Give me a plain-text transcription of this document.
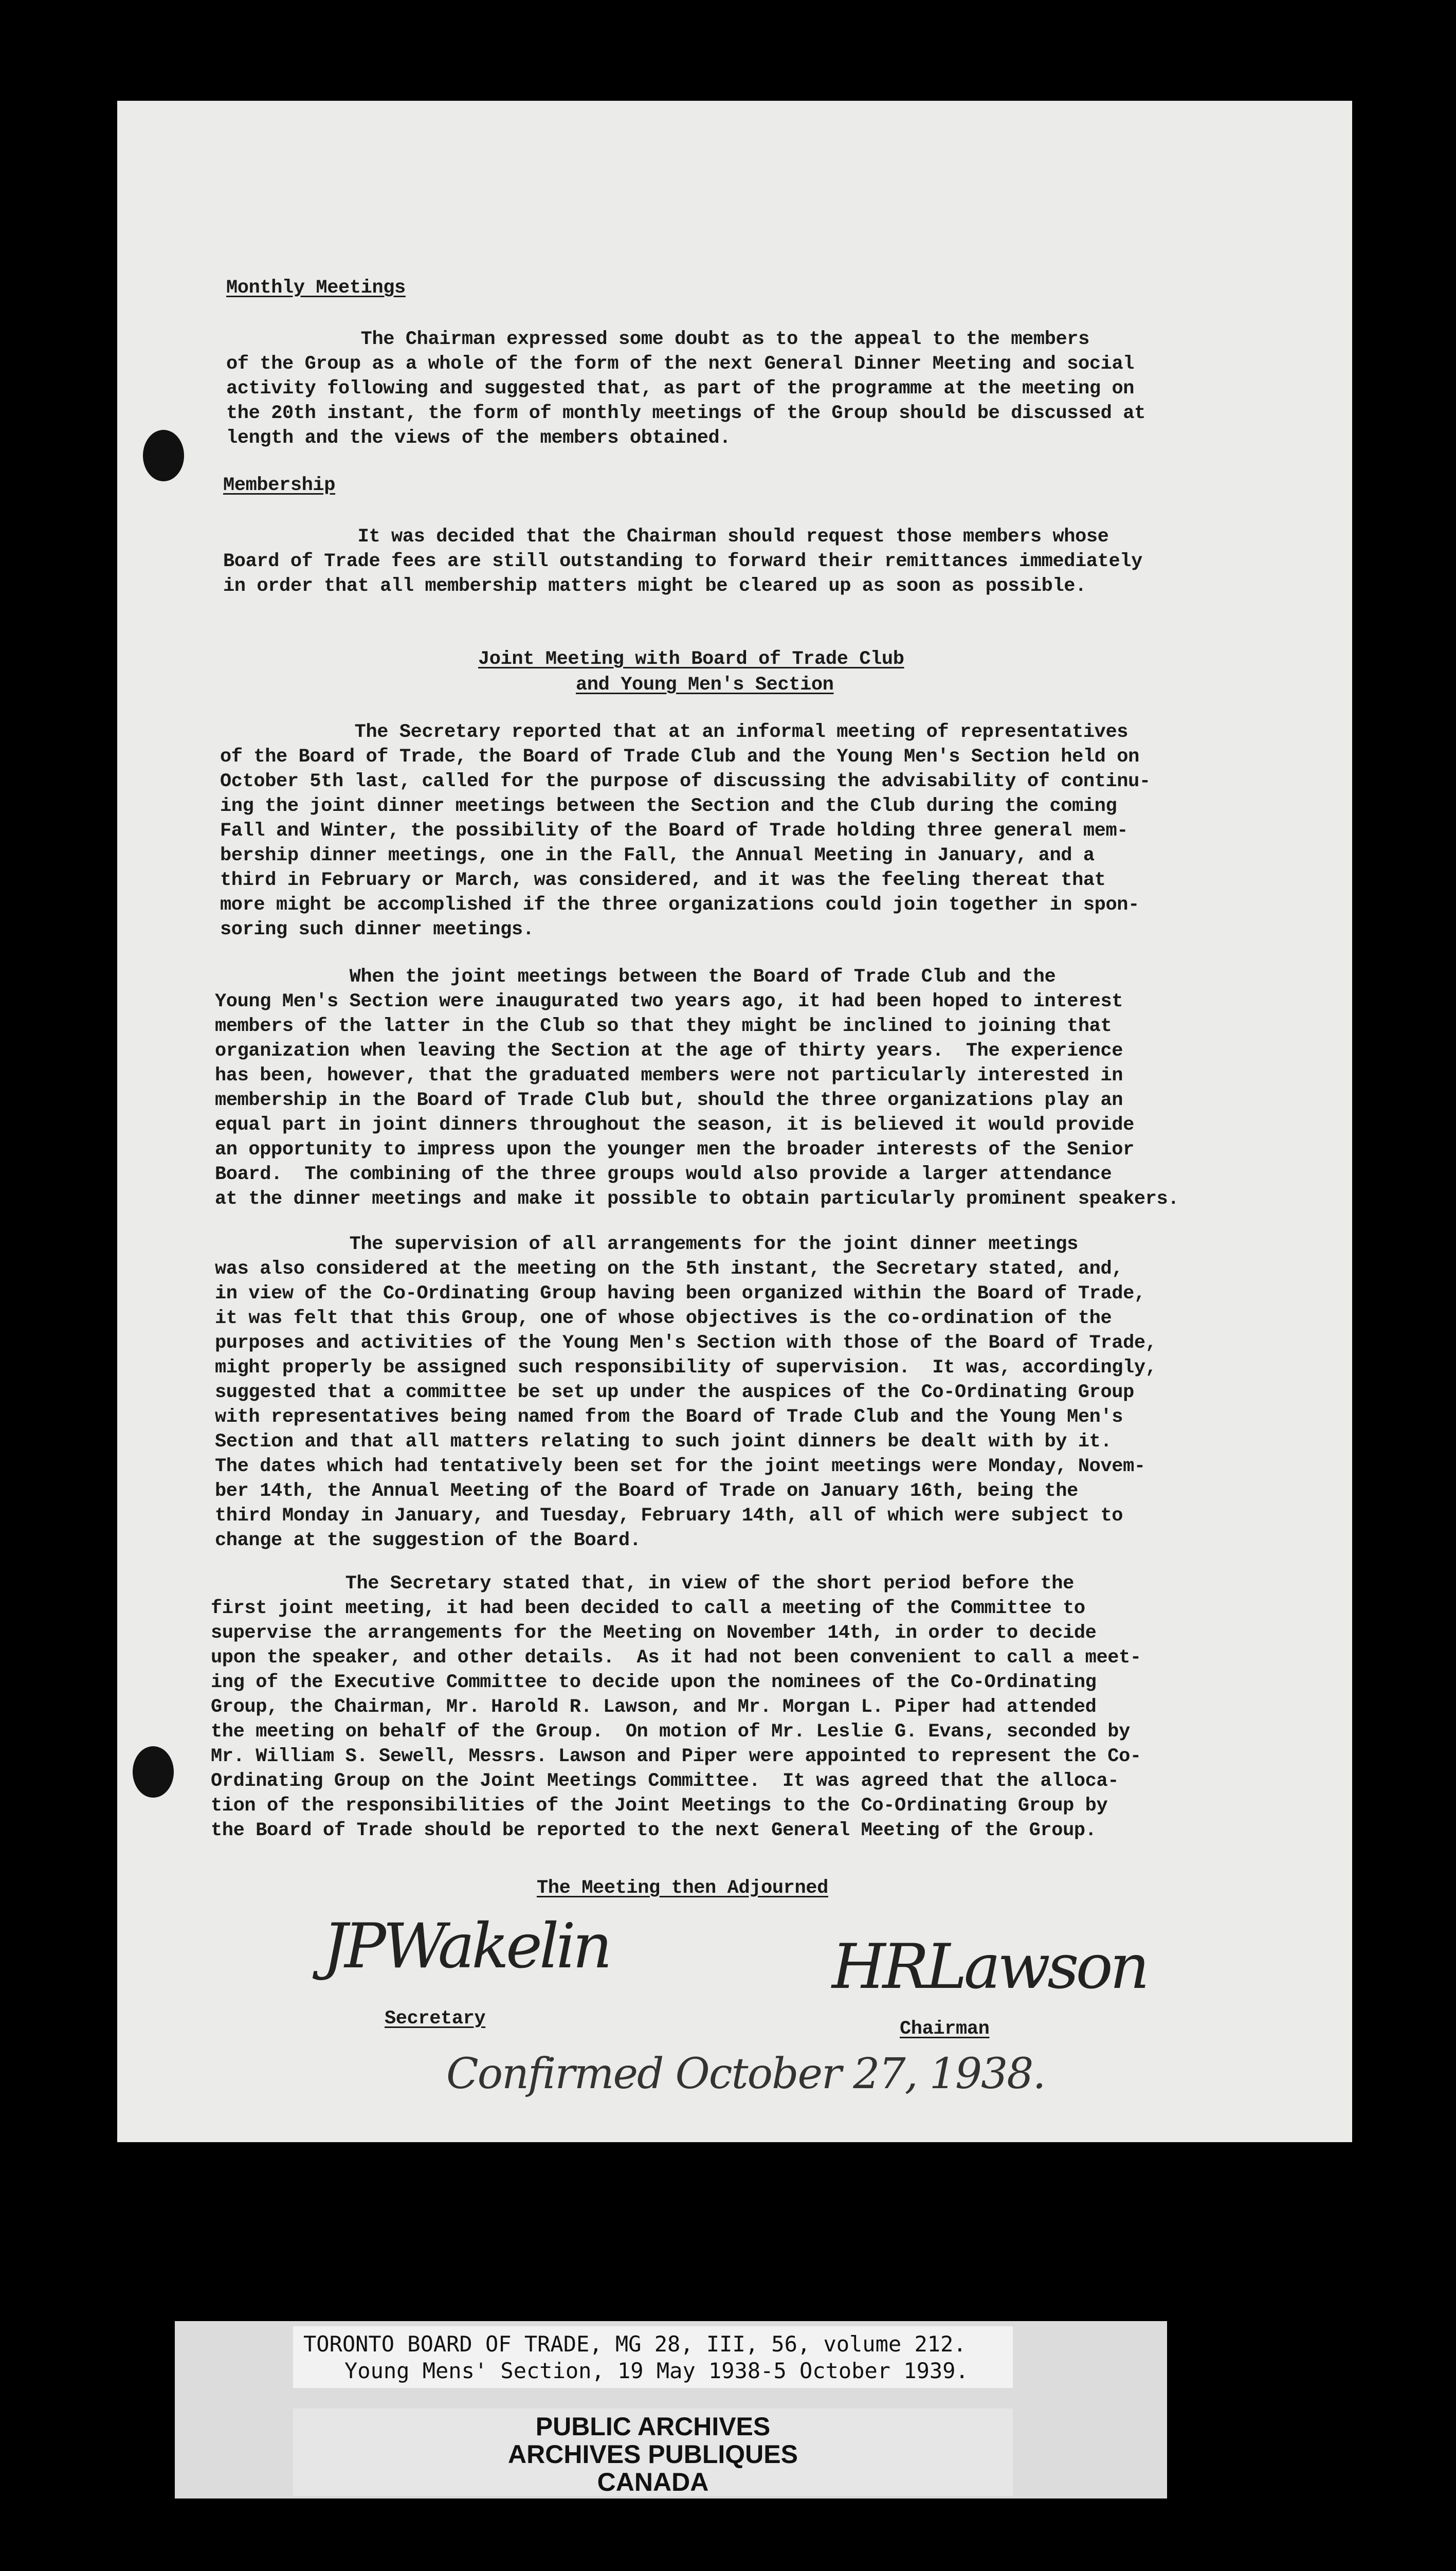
Monthly Meetings
The Chairman expressed some doubt as to the appeal to the members
of the Group as a whole of the form of the next General Dinner Meeting and social
activity following and suggested that, as part of the programme at the meeting on
the 20th instant, the form of monthly meetings of the Group should be discussed at
length and the views of the members obtained.
Membership
It was decided that the Chairman should request those members whose
Board of Trade fees are still outstanding to forward their remittances immediately
in order that all membership matters might be cleared up as soon as possible.
Joint Meeting with Board of Trade Club
and Young Men's Section
The Secretary reported that at an informal meeting of representatives
of the Board of Trade, the Board of Trade Club and the Young Men's Section held on
October 5th last, called for the purpose of discussing the advisability of continu-
ing the joint dinner meetings between the Section and the Club during the coming
Fall and Winter, the possibility of the Board of Trade holding three general mem-
bership dinner meetings, one in the Fall, the Annual Meeting in January, and a
third in February or March, was considered, and it was the feeling thereat that
more might be accomplished if the three organizations could join together in spon-
soring such dinner meetings.
When the joint meetings between the Board of Trade Club and the
Young Men's Section were inaugurated two years ago, it had been hoped to interest
members of the latter in the Club so that they might be inclined to joining that
organization when leaving the Section at the age of thirty years.  The experience
has been, however, that the graduated members were not particularly interested in
membership in the Board of Trade Club but, should the three organizations play an
equal part in joint dinners throughout the season, it is believed it would provide
an opportunity to impress upon the younger men the broader interests of the Senior
Board.  The combining of the three groups would also provide a larger attendance
at the dinner meetings and make it possible to obtain particularly prominent speakers.
The supervision of all arrangements for the joint dinner meetings
was also considered at the meeting on the 5th instant, the Secretary stated, and,
in view of the Co-Ordinating Group having been organized within the Board of Trade,
it was felt that this Group, one of whose objectives is the co-ordination of the
purposes and activities of the Young Men's Section with those of the Board of Trade,
might properly be assigned such responsibility of supervision.  It was, accordingly,
suggested that a committee be set up under the auspices of the Co-Ordinating Group
with representatives being named from the Board of Trade Club and the Young Men's
Section and that all matters relating to such joint dinners be dealt with by it.
The dates which had tentatively been set for the joint meetings were Monday, Novem-
ber 14th, the Annual Meeting of the Board of Trade on January 16th, being the
third Monday in January, and Tuesday, February 14th, all of which were subject to
change at the suggestion of the Board.
The Secretary stated that, in view of the short period before the
first joint meeting, it had been decided to call a meeting of the Committee to
supervise the arrangements for the Meeting on November 14th, in order to decide
upon the speaker, and other details.  As it had not been convenient to call a meet-
ing of the Executive Committee to decide upon the nominees of the Co-Ordinating
Group, the Chairman, Mr. Harold R. Lawson, and Mr. Morgan L. Piper had attended
the meeting on behalf of the Group.  On motion of Mr. Leslie G. Evans, seconded by
Mr. William S. Sewell, Messrs. Lawson and Piper were appointed to represent the Co-
Ordinating Group on the Joint Meetings Committee.  It was agreed that the alloca-
tion of the responsibilities of the Joint Meetings to the Co-Ordinating Group by
the Board of Trade should be reported to the next General Meeting of the Group.
The Meeting then Adjourned
JPWakelin
Secretary
HRLawson
Chairman
Confirmed October 27, 1938.
TORONTO BOARD OF TRADE, MG 28, III, 56, volume 212.
Young Mens' Section, 19 May 1938-5 October 1939.
PUBLIC ARCHIVES
ARCHIVES PUBLIQUES
CANADA
